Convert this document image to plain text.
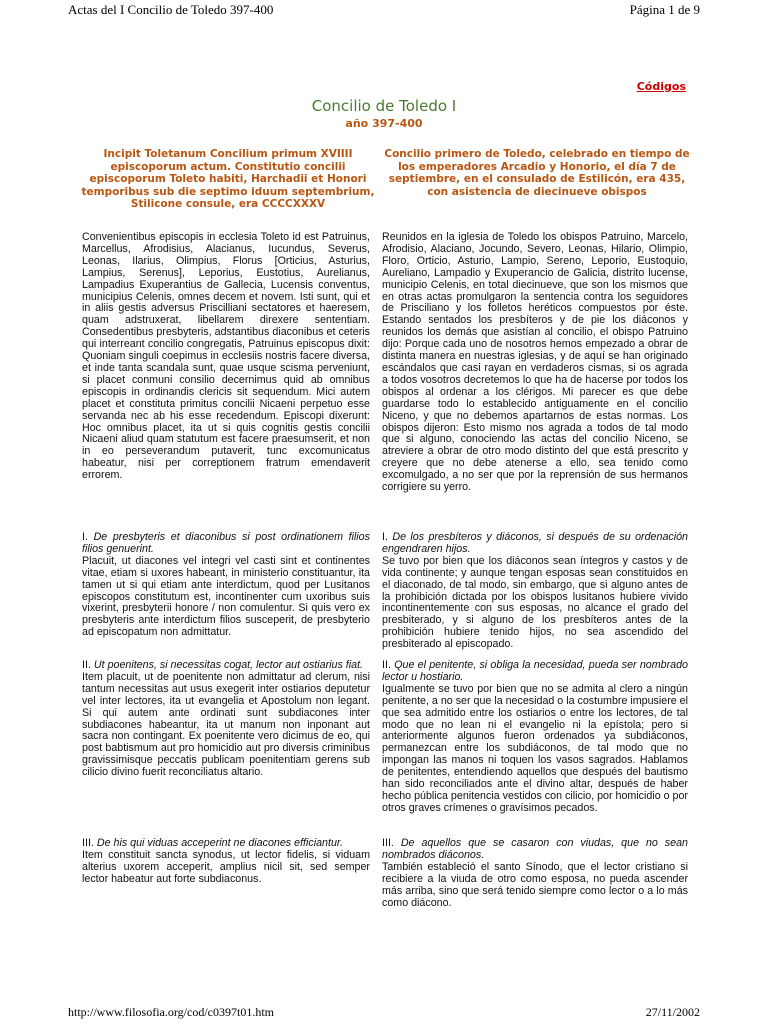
Actas del I Concilio de Toledo 397-400	Página 1 de 9
Códigos
Concilio de Toledo I
año 397-400
Incipit Toletanum Concilium primum XVIIII episcoporum actum. Constitutio concilii episcoporum Toleto habiti, Harchadii et Honori temporibus sub die septimo iduum septembrium, Stilicone consule, era CCCCXXXV
Concilio primero de Toledo, celebrado en tiempo de los emperadores Arcadio y Honorio, el día 7 de septiembre, en el consulado de Estilicón, era 435, con asistencia de diecinueve obispos
Convenientibus episcopis in ecclesia Toleto id est Patruinus, Marcellus, Afrodisius, Alacianus, Iucundus, Severus, Leonas, Ilarius, Olimpius, Florus [Orticius, Asturius, Lampius, Serenus], Leporius, Eustotius, Aurelianus, Lampadius Exuperantius de Gallecia, Lucensis conventus, municipius Celenis, omnes decem et novem. Isti sunt, qui et in aliis gestis adversus Priscilliani sectatores et haeresem, quam adstruxerat, libellarem direxere sententiam. Consedentibus presbyteris, adstantibus diaconibus et ceteris qui interreant concilio congregatis, Patruinus episcopus dixit: Quoniam singuli coepimus in ecclesiis nostris facere diversa, et inde tanta scandala sunt, quae usque scisma perveniunt, si placet conmuni consilio decernimus quid ab omnibus episcopis in ordinandis clericis sit sequendum. Mici autem placet et constituta primitus concilii Nicaeni perpetuo esse servanda nec ab his esse recedendum. Episcopi dixerunt: Hoc omnibus placet, ita ut si quis cognitis gestis concilii Nicaeni aliud quam statutum est facere praesumserit, et non in eo perseverandum putaverit, tunc excomunicatus habeatur, nisi per correptionem fratrum emendaverit errorem.
I. De presbyteris et diaconibus si post ordinationem filios filios genuerint.
Placuit, ut diacones vel integri vel casti sint et continentes vitae, etiam si uxores habeant, in ministerio constituantur, ita tamen ut si qui etiam ante interdictum, quod per Lusitanos episcopos constitutum est, incontinenter cum uxoribus suis vixerint, presbyterii honore / non comulentur. Si quis vero ex presbyteris ante interdictum filios susceperit, de presbyterio ad episcopatum non admittatur.
II. Ut poenitens, si necessitas cogat, lector aut ostiarius fiat.
Item placuit, ut de poenitente non admittatur ad clerum, nisi tantum necessitas aut usus exegerit inter ostiarios deputetur vel inter lectores, ita ut evangelia et Apostolum non legant. Si qui autem ante ordinati sunt subdiacones inter subdiacones habeantur, ita ut manum non inponant aut sacra non contingant. Ex poenitente vero dicimus de eo, qui post babtismum aut pro homicidio aut pro diversis criminibus gravissimisque peccatis publicam poenitentiam gerens sub cilicio divino fuerit reconciliatus altario.
III. De his qui viduas acceperint ne diacones efficiantur.
Item constituit sancta synodus, ut lector fidelis, si viduam alterius uxorem acceperit, amplius nicil sit, sed semper lector habeatur aut forte subdiaconus.
Reunidos en la iglesia de Toledo los obispos Patruino, Marcelo, Afrodisio, Alaciano, Jocundo, Severo, Leonas, Hilario, Olimpio, Floro, Orticio, Asturio, Lampio, Sereno, Leporio, Eustoquio, Aureliano, Lampadio y Exuperancio de Galicia, distrito lucense, municipio Celenis, en total diecinueve, que son los mismos que en otras actas promulgaron la sentencia contra los seguidores de Prisciliano y los folletos heréticos compuestos por éste. Estando sentados los presbíteros y de pie los diáconos y reunidos los demás que asistían al concilio, el obispo Patruino dijo: Porque cada uno de nosotros hemos empezado a obrar de distinta manera en nuestras iglesias, y de aquí se han originado escándalos que casi rayan en verdaderos cismas, si os agrada a todos vosotros decretemos lo que ha de hacerse por todos los obispos al ordenar a los clérigos. Mi parecer es que debe guardarse todo lo establecido antiguamente en el concilio Niceno, y que no debemos apartarnos de estas normas. Los obispos dijeron: Esto mismo nos agrada a todos de tal modo que si alguno, conociendo las actas del concilio Niceno, se atreviere a obrar de otro modo distinto del que está prescrito y creyere que no debe atenerse a ello, sea tenido como excomulgado, a no ser que por la reprensión de sus hermanos corrigiere su yerro.
I. De los presbíteros y diáconos, si después de su ordenación engendraren hijos.
Se tuvo por bien que los diáconos sean íntegros y castos y de vida continente; y aunque tengan esposas sean constituidos en el diaconado, de tal modo, sin embargo, que si alguno antes de la prohibición dictada por los obispos lusitanos hubiere vivido incontinentemente con sus esposas, no alcance el grado del presbiterado, y si alguno de los presbíteros antes de la prohibición hubiere tenido hijos, no sea ascendido del presbiterado al episcopado.
II. Que el penitente, si obliga la necesidad, pueda ser nombrado lector u hostiario.
Igualmente se tuvo por bien que no se admita al clero a ningún penitente, a no ser que la necesidad o la costumbre impusiere el que sea admitido entre los ostiarios o entre los lectores, de tal modo que no lean ni el evangelio ni la epístola; pero si anteriormente algunos fueron ordenados ya subdiáconos, permanezcan entre los subdiáconos, de tal modo que no impongan las manos ni toquen los vasos sagrados. Hablamos de penitentes, entendiendo aquellos que después del bautismo han sido reconciliados ante el divino altar, después de haber hecho pública penitencia vestidos con cilicio, por homicidio o por otros graves crímenes o gravísimos pecados.
III. De aquellos que se casaron con viudas, que no sean nombrados diáconos.
También estableció el santo Sínodo, que el lector cristiano si recibiere a la viuda de otro como esposa, no pueda ascender más arriba, sino que será tenido siempre como lector o a lo más como diácono.
http://www.filosofia.org/cod/c0397t01.htm	27/11/2002
